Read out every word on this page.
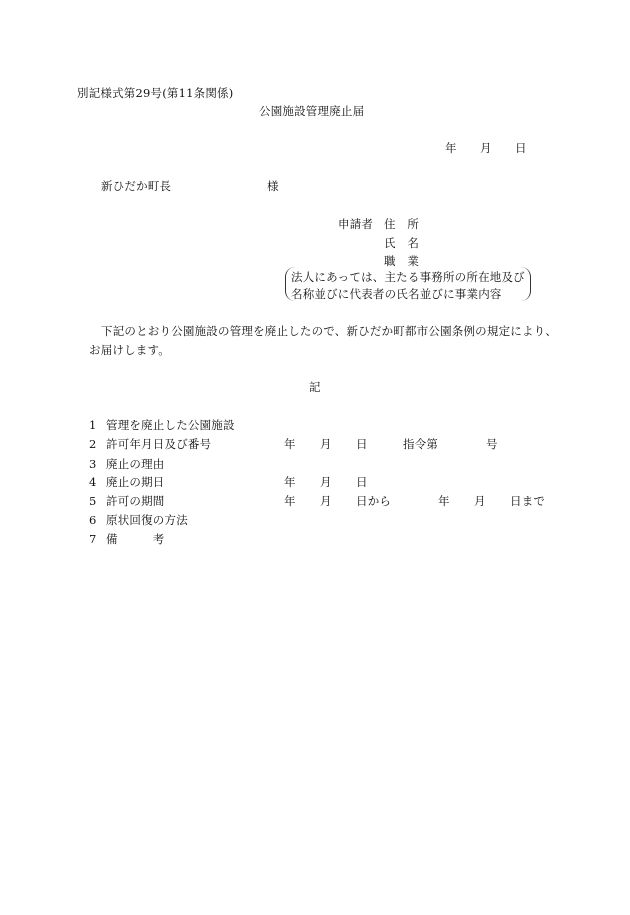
別記様式第29号(第11条関係)
公園施設管理廃止届
年 月 日
新ひだか町長	様
申請者 住　所
氏　名
職　業
法人にあっては、主たる事務所の所在地及び
名称並びに代表者の氏名並びに事業内容
下記のとおり公園施設の管理を廃止したので、新ひだか町都市公園条例の規定により、
お届けします。
記
1 管理を廃止した公園施設
2 許可年月日及び番号	年 月 日	指令第	号
3 廃止の理由
4 廃止の期日	年 月 日
5 許可の期間	年 月 日から	年 月 日まで
6 原状回復の方法
7 備　　　考
